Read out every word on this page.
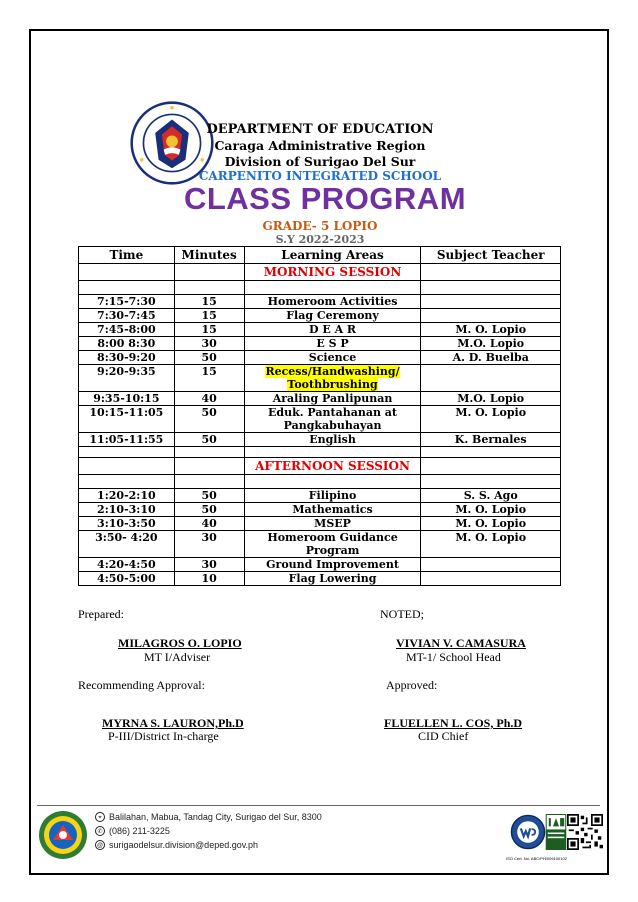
DEPARTMENT OF EDUCATION
Caraga Administrative Region
Division of Surigao Del Sur
CARPENITO INTEGRATED SCHOOL
CLASS PROGRAM
GRADE- 5 LOPIO
S.Y 2022-2023
Time	Minutes	Learning Areas	Subject Teacher
		MORNING SESSION	

7:15-7:30	15	Homeroom Activities	
7:30-7:45	15	Flag Ceremony	
7:45-8:00	15	D E A R	M. O. Lopio
8:00 8:30	30	E S P	M.O. Lopio
8:30-9:20	50	Science	A. D. Buelba
9:20-9:35	15	Recess/Handwashing/
Toothbrushing	
9:35-10:15	40	Araling Panlipunan	M.O. Lopio
10:15-11:05	50	Eduk. Pantahanan at
Pangkabuhayan	M. O. Lopio
11:05-11:55	50	English	K. Bernales

		AFTERNOON SESSION	

1:20-2:10	50	Filipino	S. S. Ago
2:10-3:10	50	Mathematics	M. O. Lopio
3:10-3:50	40	MSEP	M. O. Lopio
3:50- 4:20	30	Homeroom Guidance
Program	M. O. Lopio
4:20-4:50	30	Ground Improvement	
4:50-5:00	10	Flag Lowering	
Prepared:	NOTED;
MILAGROS O. LOPIO
MT I/Adviser
VIVIAN V. CAMASURA
MT-1/ School Head
Recommending Approval:	Approved:
MYRNA S. LAURON,Ph.D
P-III/District In-charge
FLUELLEN L. COS, Ph.D
CID Chief
⌖ Balilahan, Mabua, Tandag City, Surigao del Sur, 8300
✆ (086) 211-3225
@ surigaodelsur.division@deped.gov.ph
ISO Cert. No. ABC/PH/009100102
